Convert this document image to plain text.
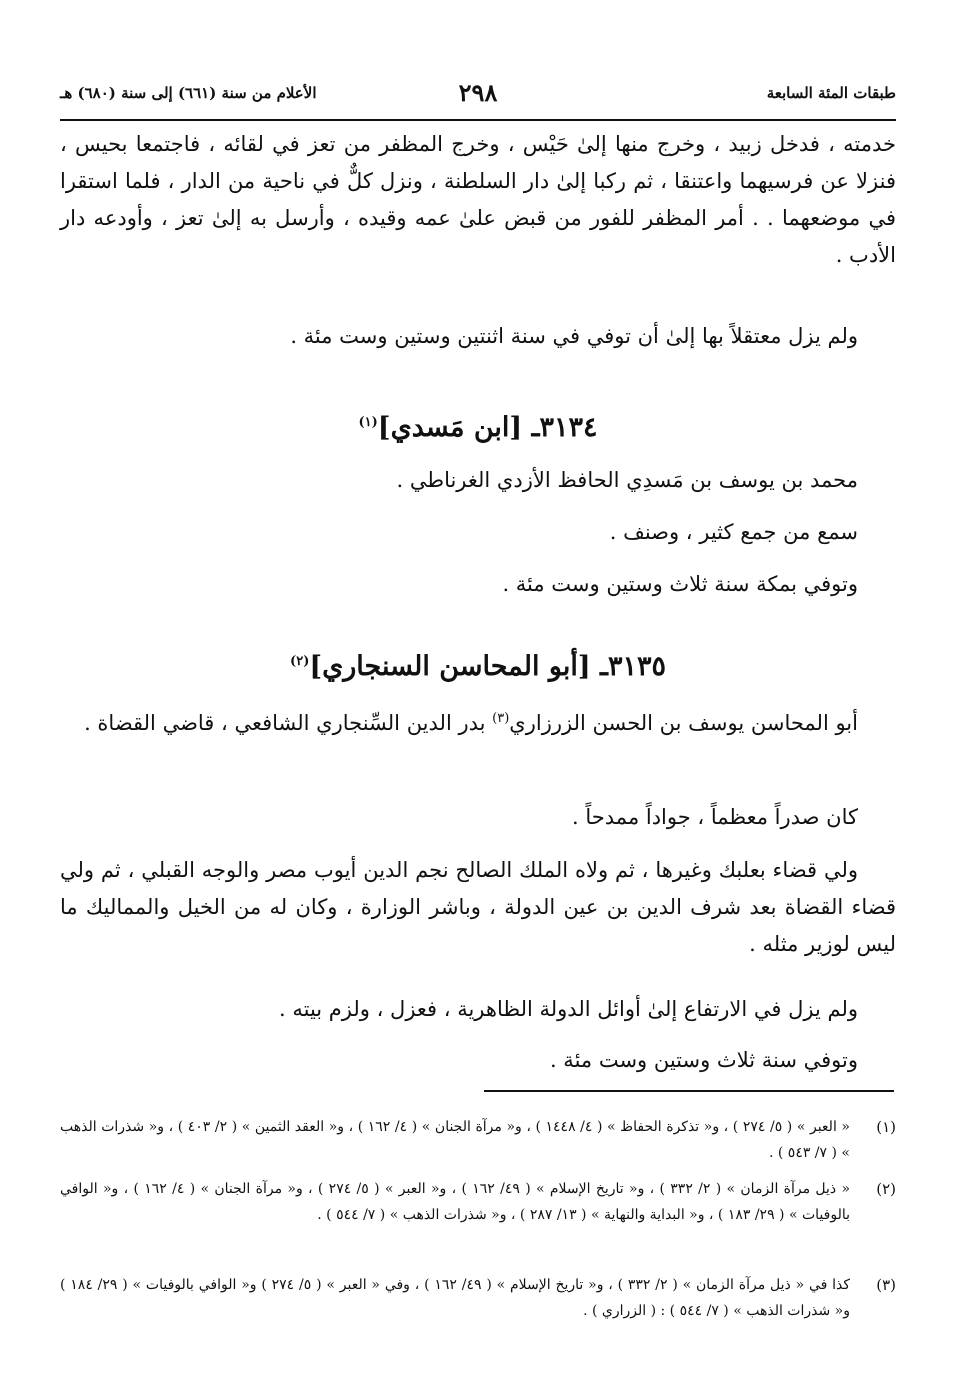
طبقات المئة السابعة
٢٩٨
الأعلام من سنة (٦٦١) إلى سنة (٦٨٠) هـ

خدمته ، فدخل زبيد ، وخرج منها إلىٰ حَيْس ، وخرج المظفر من تعز في لقائه ، فاجتمعا بحيس ، فنزلا عن فرسيهما واعتنقا ، ثم ركبا إلىٰ دار السلطنة ، ونزل كلٌّ في ناحية من الدار ، فلما استقرا في موضعهما . . أمر المظفر للفور من قبض علىٰ عمه وقيده ، وأرسل به إلىٰ تعز ، وأودعه دار الأدب .

ولم يزل معتقلاً بها إلىٰ أن توفي في سنة اثنتين وستين وست مئة .

٣١٣٤ـ [ابن مَسدي]$^{(١)}$

محمد بن يوسف بن مَسدِي الحافظ الأزدي الغرناطي .

سمع من جمع كثير ، وصنف .

وتوفي بمكة سنة ثلاث وستين وست مئة .

٣١٣٥ـ [أبو المحاسن السنجاري]$^{(٢)}$

أبو المحاسن يوسف بن الحسن الزرزاري$^{(٣)}$ بدر الدين السِّنجاري الشافعي ، قاضي القضاة .

كان صدراً معظماً ، جواداً ممدحاً .

ولي قضاء بعلبك وغيرها ، ثم ولاه الملك الصالح نجم الدين أيوب مصر والوجه القبلي ، ثم ولي قضاء القضاة بعد شرف الدين بن عين الدولة ، وباشر الوزارة ، وكان له من الخيل والمماليك ما ليس لوزير مثله .

ولم يزل في الارتفاع إلىٰ أوائل الدولة الظاهرية ، فعزل ، ولزم بيته .

وتوفي سنة ثلاث وستين وست مئة .

(١)
« العبر » ( ٥/ ٢٧٤ ) ، و« تذكرة الحفاظ » ( ٤/ ١٤٤٨ ) ، و« مرآة الجنان » ( ٤/ ١٦٢ ) ، و« العقد الثمين » ( ٢/ ٤٠٣ ) ، و« شذرات الذهب » ( ٧/ ٥٤٣ ) .
(٢)
« ذيل مرآة الزمان » ( ٢/ ٣٣٢ ) ، و« تاريخ الإسلام » ( ٤٩/ ١٦٢ ) ، و« العبر » ( ٥/ ٢٧٤ ) ، و« مرآة الجنان » ( ٤/ ١٦٢ ) ، و« الوافي بالوفيات » ( ٢٩/ ١٨٣ ) ، و« البداية والنهاية » ( ١٣/ ٢٨٧ ) ، و« شذرات الذهب » ( ٧/ ٥٤٤ ) .
(٣)
كذا في « ذيل مرآة الزمان » ( ٢/ ٣٣٢ ) ، و« تاريخ الإسلام » ( ٤٩/ ١٦٢ ) ، وفي « العبر » ( ٥/ ٢٧٤ ) و« الوافي بالوفيات » ( ٢٩/ ١٨٤ ) و« شذرات الذهب » ( ٧/ ٥٤٤ ) : ( الزراري ) .
